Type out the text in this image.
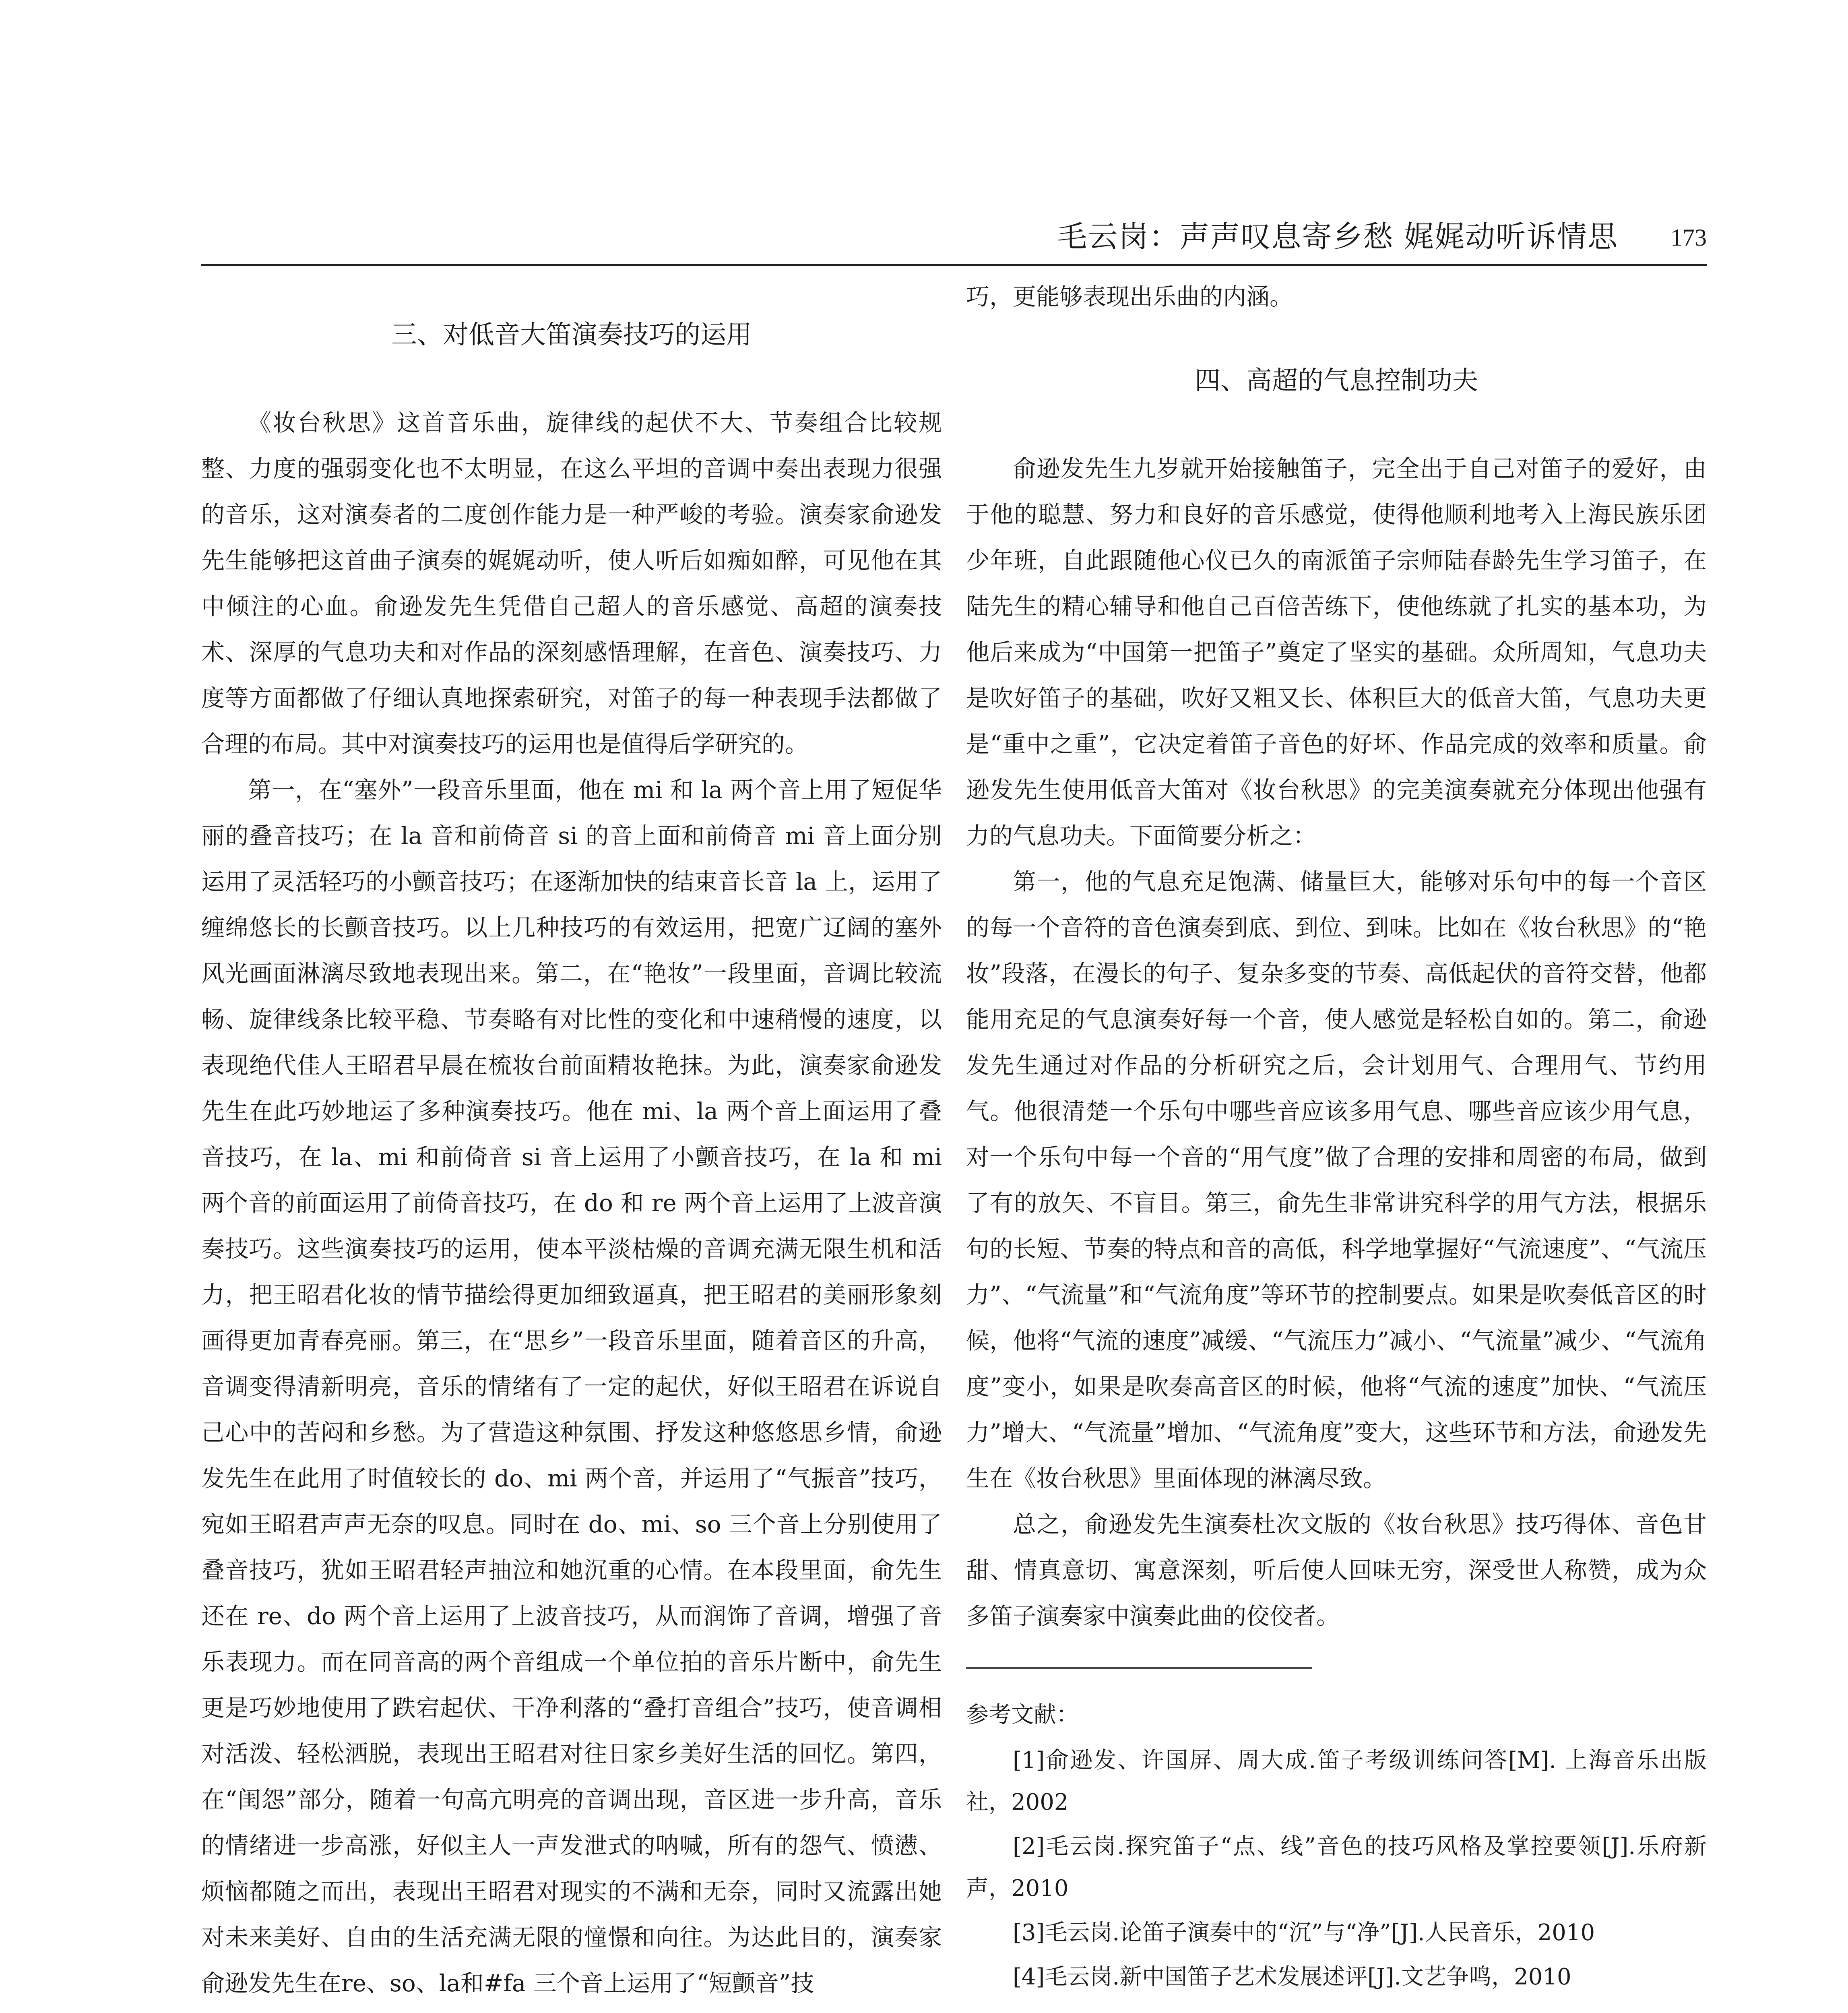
毛云岗：声声叹息寄乡愁 娓娓动听诉情思 173
三、对低音大笛演奏技巧的运用

《妆台秋思》这首音乐曲，旋律线的起伏不大、节奏组合比较规整、力度的强弱变化也不太明显，在这么平坦的音调中奏出表现力很强的音乐，这对演奏者的二度创作能力是一种严峻的考验。演奏家俞逊发先生能够把这首曲子演奏的娓娓动听，使人听后如痴如醉，可见他在其中倾注的心血。俞逊发先生凭借自己超人的音乐感觉、高超的演奏技术、深厚的气息功夫和对作品的深刻感悟理解，在音色、演奏技巧、力度等方面都做了仔细认真地探索研究，对笛子的每一种表现手法都做了合理的布局。其中对演奏技巧的运用也是值得后学研究的。

第一，在“塞外”一段音乐里面，他在 mi 和 la 两个音上用了短促华丽的叠音技巧；在 la 音和前倚音 si 的音上面和前倚音 mi 音上面分别运用了灵活轻巧的小颤音技巧；在逐渐加快的结束音长音 la 上，运用了缠绵悠长的长颤音技巧。以上几种技巧的有效运用，把宽广辽阔的塞外风光画面淋漓尽致地表现出来。第二，在“艳妆”一段里面，音调比较流畅、旋律线条比较平稳、节奏略有对比性的变化和中速稍慢的速度，以表现绝代佳人王昭君早晨在梳妆台前面精妆艳抹。为此，演奏家俞逊发先生在此巧妙地运了多种演奏技巧。他在 mi、la 两个音上面运用了叠音技巧，在 la、mi 和前倚音 si 音上运用了小颤音技巧，在 la 和 mi 两个音的前面运用了前倚音技巧，在 do 和 re 两个音上运用了上波音演奏技巧。这些演奏技巧的运用，使本平淡枯燥的音调充满无限生机和活力，把王昭君化妆的情节描绘得更加细致逼真，把王昭君的美丽形象刻画得更加青春亮丽。第三，在“思乡”一段音乐里面，随着音区的升高，音调变得清新明亮，音乐的情绪有了一定的起伏，好似王昭君在诉说自己心中的苦闷和乡愁。为了营造这种氛围、抒发这种悠悠思乡情，俞逊发先生在此用了时值较长的 do、mi 两个音，并运用了“气振音”技巧，宛如王昭君声声无奈的叹息。同时在 do、mi、so 三个音上分别使用了叠音技巧，犹如王昭君轻声抽泣和她沉重的心情。在本段里面，俞先生还在 re、do 两个音上运用了上波音技巧，从而润饰了音调，增强了音乐表现力。而在同音高的两个音组成一个单位拍的音乐片断中，俞先生更是巧妙地使用了跌宕起伏、干净利落的“叠打音组合”技巧，使音调相对活泼、轻松洒脱，表现出王昭君对往日家乡美好生活的回忆。第四，在“闺怨”部分，随着一句高亢明亮的音调出现，音区进一步升高，音乐的情绪进一步高涨，好似主人一声发泄式的呐喊，所有的怨气、愤懑、烦恼都随之而出，表现出王昭君对现实的不满和无奈，同时又流露出她对未来美好、自由的生活充满无限的憧憬和向往。为达此目的，演奏家俞逊发先生在re、so、la和#fa 三个音上运用了“短颤音”技

巧，更能够表现出乐曲的内涵。

四、高超的气息控制功夫

俞逊发先生九岁就开始接触笛子，完全出于自己对笛子的爱好，由于他的聪慧、努力和良好的音乐感觉，使得他顺利地考入上海民族乐团少年班，自此跟随他心仪已久的南派笛子宗师陆春龄先生学习笛子，在陆先生的精心辅导和他自己百倍苦练下，使他练就了扎实的基本功，为他后来成为“中国第一把笛子”奠定了坚实的基础。众所周知，气息功夫是吹好笛子的基础，吹好又粗又长、体积巨大的低音大笛，气息功夫更是“重中之重”，它决定着笛子音色的好坏、作品完成的效率和质量。俞逊发先生使用低音大笛对《妆台秋思》的完美演奏就充分体现出他强有力的气息功夫。下面简要分析之：

第一，他的气息充足饱满、储量巨大，能够对乐句中的每一个音区的每一个音符的音色演奏到底、到位、到味。比如在《妆台秋思》的“艳妆”段落，在漫长的句子、复杂多变的节奏、高低起伏的音符交替，他都能用充足的气息演奏好每一个音，使人感觉是轻松自如的。第二，俞逊发先生通过对作品的分析研究之后，会计划用气、合理用气、节约用气。他很清楚一个乐句中哪些音应该多用气息、哪些音应该少用气息，对一个乐句中每一个音的“用气度”做了合理的安排和周密的布局，做到了有的放矢、不盲目。第三，俞先生非常讲究科学的用气方法，根据乐句的长短、节奏的特点和音的高低，科学地掌握好“气流速度”、“气流压力”、“气流量”和“气流角度”等环节的控制要点。如果是吹奏低音区的时候，他将“气流的速度”减缓、“气流压力”减小、“气流量”减少、“气流角度”变小，如果是吹奏高音区的时候，他将“气流的速度”加快、“气流压力”增大、“气流量”增加、“气流角度”变大，这些环节和方法，俞逊发先生在《妆台秋思》里面体现的淋漓尽致。

总之，俞逊发先生演奏杜次文版的《妆台秋思》技巧得体、音色甘甜、情真意切、寓意深刻，听后使人回味无穷，深受世人称赞，成为众多笛子演奏家中演奏此曲的佼佼者。

参考文献：

[1]俞逊发、许国屏、周大成.笛子考级训练问答[M]. 上海音乐出版社，2002

[2]毛云岗.探究笛子“点、线”音色的技巧风格及掌控要领[J].乐府新声，2010

[3]毛云岗.论笛子演奏中的“沉”与“净”[J].人民音乐，2010

[4]毛云岗.新中国笛子艺术发展述评[J].文艺争鸣，2010
